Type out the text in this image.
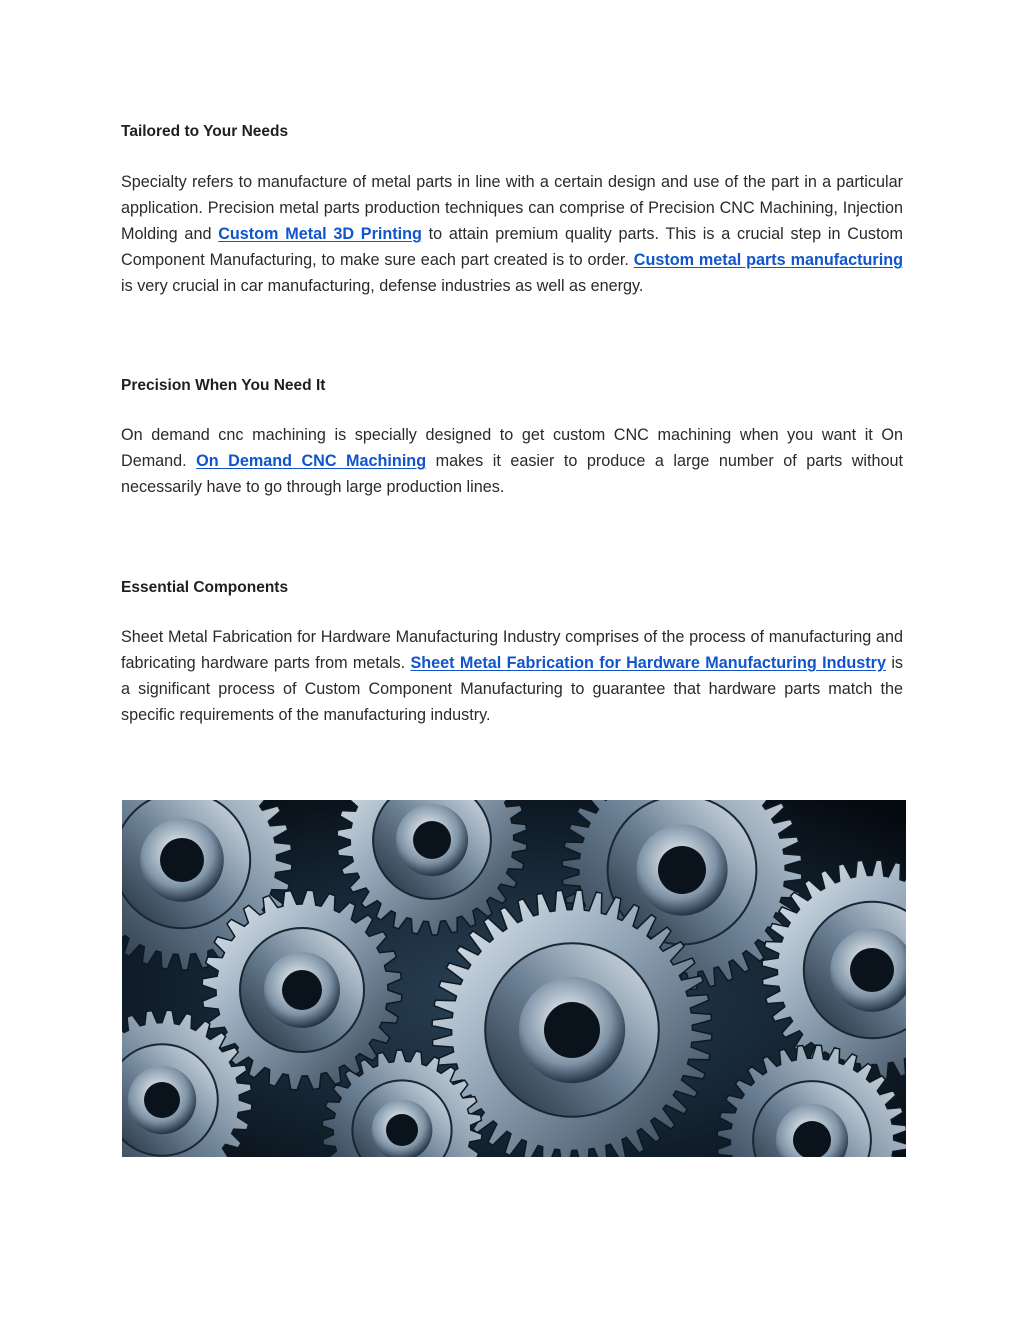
Tailored to Your Needs
Specialty refers to manufacture of metal parts in line with a certain design and use of the part in a particular application. Precision metal parts production techniques can comprise of Precision CNC Machining, Injection Molding and Custom Metal 3D Printing to attain premium quality parts. This is a crucial step in Custom Component Manufacturing, to make sure each part created is to order. Custom metal parts manufacturing is very crucial in car manufacturing, defense industries as well as energy.
Precision When You Need It
On demand cnc machining is specially designed to get custom CNC machining when you want it On Demand. On Demand CNC Machining makes it easier to produce a large number of parts without necessarily have to go through large production lines.
Essential Components
Sheet Metal Fabrication for Hardware Manufacturing Industry comprises of the process of manufacturing and fabricating hardware parts from metals. Sheet Metal Fabrication for Hardware Manufacturing Industry is a significant process of Custom Component Manufacturing to guarantee that hardware parts match the specific requirements of the manufacturing industry.
